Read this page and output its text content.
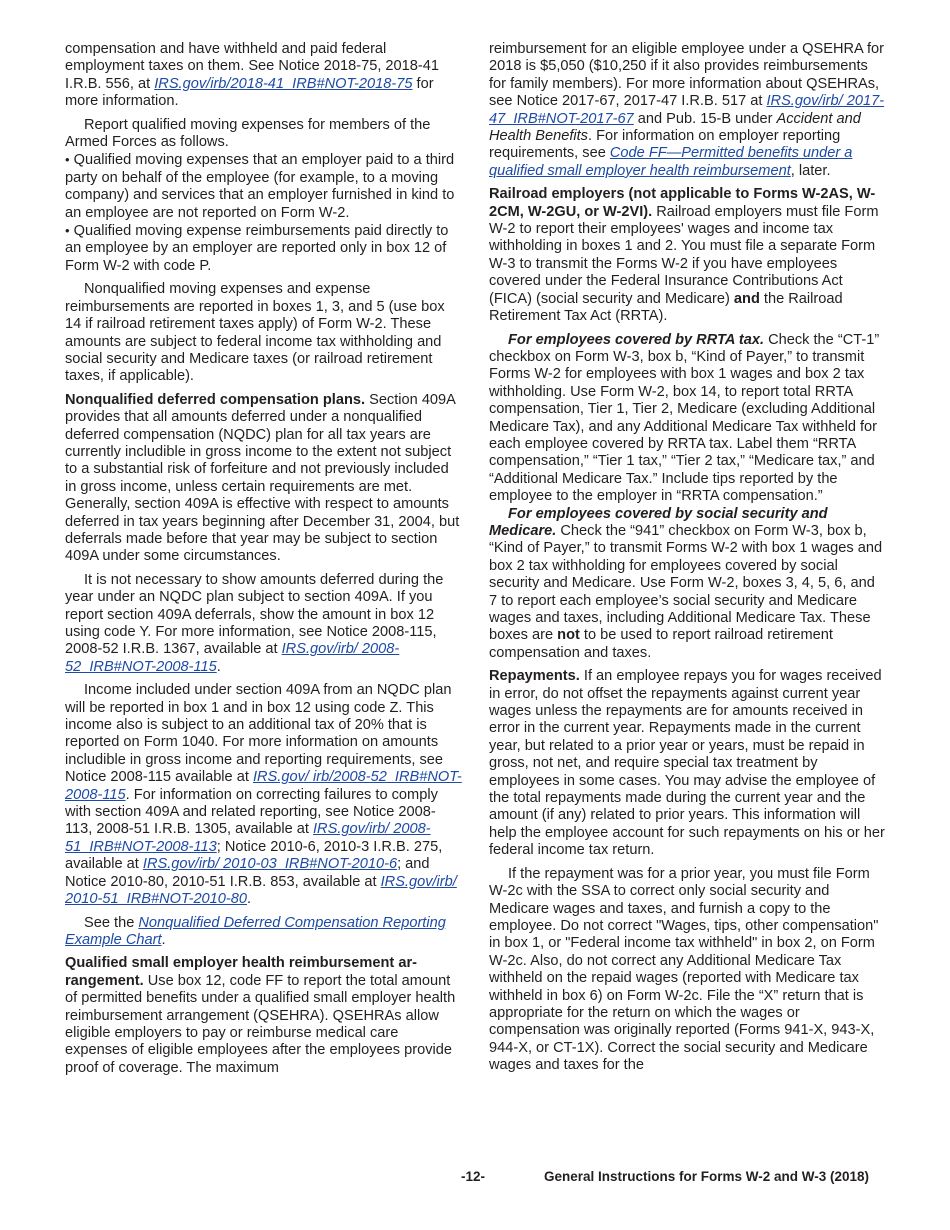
compensation and have withheld and paid federal employment taxes on them. See Notice 2018-75, 2018-41 I.R.B. 556, at IRS.gov/irb/2018-41_IRB#NOT-2018-75 for more information.

Report qualified moving expenses for members of the Armed Forces as follows.

• Qualified moving expenses that an employer paid to a third party on behalf of the employee (for example, to a moving company) and services that an employer furnished in kind to an employee are not reported on Form W-2.

• Qualified moving expense reimbursements paid directly to an employee by an employer are reported only in box 12 of Form W-2 with code P.

Nonqualified moving expenses and expense reimbursements are reported in boxes 1, 3, and 5 (use box 14 if railroad retirement taxes apply) of Form W-2. These amounts are subject to federal income tax withholding and social security and Medicare taxes (or railroad retirement taxes, if applicable).

Nonqualified deferred compensation plans. Section 409A provides that all amounts deferred under a nonqualified deferred compensation (NQDC) plan for all tax years are currently includible in gross income to the extent not subject to a substantial risk of forfeiture and not previously included in gross income, unless certain requirements are met. Generally, section 409A is effective with respect to amounts deferred in tax years beginning after December 31, 2004, but deferrals made before that year may be subject to section 409A under some circumstances.

It is not necessary to show amounts deferred during the year under an NQDC plan subject to section 409A. If you report section 409A deferrals, show the amount in box 12 using code Y. For more information, see Notice 2008-115, 2008-52 I.R.B. 1367, available at IRS.gov/irb/ 2008-52_IRB#NOT-2008-115.

Income included under section 409A from an NQDC plan will be reported in box 1 and in box 12 using code Z. This income also is subject to an additional tax of 20% that is reported on Form 1040. For more information on amounts includible in gross income and reporting requirements, see Notice 2008-115 available at IRS.gov/ irb/2008-52_IRB#NOT-2008-115. For information on correcting failures to comply with section 409A and related reporting, see Notice 2008-113, 2008-51 I.R.B. 1305, available at IRS.gov/irb/ 2008-51_IRB#NOT-2008-113; Notice 2010-6, 2010-3 I.R.B. 275, available at IRS.gov/irb/ 2010-03_IRB#NOT-2010-6; and Notice 2010-80, 2010-51 I.R.B. 853, available at IRS.gov/irb/ 2010-51_IRB#NOT-2010-80.

See the Nonqualified Deferred Compensation Reporting Example Chart.

Qualified small employer health reimbursement ar- rangement. Use box 12, code FF to report the total amount of permitted benefits under a qualified small employer health reimbursement arrangement (QSEHRA). QSEHRAs allow eligible employers to pay or reimburse medical care expenses of eligible employees after the employees provide proof of coverage. The maximum

reimbursement for an eligible employee under a QSEHRA for 2018 is $5,050 ($10,250 if it also provides reimbursements for family members). For more information about QSEHRAs, see Notice 2017-67, 2017-47 I.R.B. 517 at IRS.gov/irb/ 2017-47_IRB#NOT-2017-67 and Pub. 15-B under Accident and Health Benefits. For information on employer reporting requirements, see Code FF—Permitted benefits under a qualified small employer health reimbursement, later.

Railroad employers (not applicable to Forms W-2AS, W-2CM, W-2GU, or W-2VI). Railroad employers must file Form W-2 to report their employees' wages and income tax withholding in boxes 1 and 2. You must file a separate Form W-3 to transmit the Forms W-2 if you have employees covered under the Federal Insurance Contributions Act (FICA) (social security and Medicare) and the Railroad Retirement Tax Act (RRTA).

For employees covered by RRTA tax. Check the “CT-1” checkbox on Form W-3, box b, “Kind of Payer,” to transmit Forms W-2 for employees with box 1 wages and box 2 tax withholding. Use Form W-2, box 14, to report total RRTA compensation, Tier 1, Tier 2, Medicare (excluding Additional Medicare Tax), and any Additional Medicare Tax withheld for each employee covered by RRTA tax. Label them “RRTA compensation,” “Tier 1 tax,” “Tier 2 tax,” “Medicare tax,” and “Additional Medicare Tax.” Include tips reported by the employee to the employer in “RRTA compensation.”

For employees covered by social security and Medicare. Check the “941” checkbox on Form W-3, box b, “Kind of Payer,” to transmit Forms W-2 with box 1 wages and box 2 tax withholding for employees covered by social security and Medicare. Use Form W-2, boxes 3, 4, 5, 6, and 7 to report each employee’s social security and Medicare wages and taxes, including Additional Medicare Tax. These boxes are not to be used to report railroad retirement compensation and taxes.

Repayments. If an employee repays you for wages received in error, do not offset the repayments against current year wages unless the repayments are for amounts received in error in the current year. Repayments made in the current year, but related to a prior year or years, must be repaid in gross, not net, and require special tax treatment by employees in some cases. You may advise the employee of the total repayments made during the current year and the amount (if any) related to prior years. This information will help the employee account for such repayments on his or her federal income tax return.

If the repayment was for a prior year, you must file Form W-2c with the SSA to correct only social security and Medicare wages and taxes, and furnish a copy to the employee. Do not correct "Wages, tips, other compensation" in box 1, or "Federal income tax withheld" in box 2, on Form W-2c. Also, do not correct any Additional Medicare Tax withheld on the repaid wages (reported with Medicare tax withheld in box 6) on Form W-2c. File the “X” return that is appropriate for the return on which the wages or compensation was originally reported (Forms 941-X, 943-X, 944-X, or CT-1X). Correct the social security and Medicare wages and taxes for the

-12-	General Instructions for Forms W-2 and W-3 (2018)
